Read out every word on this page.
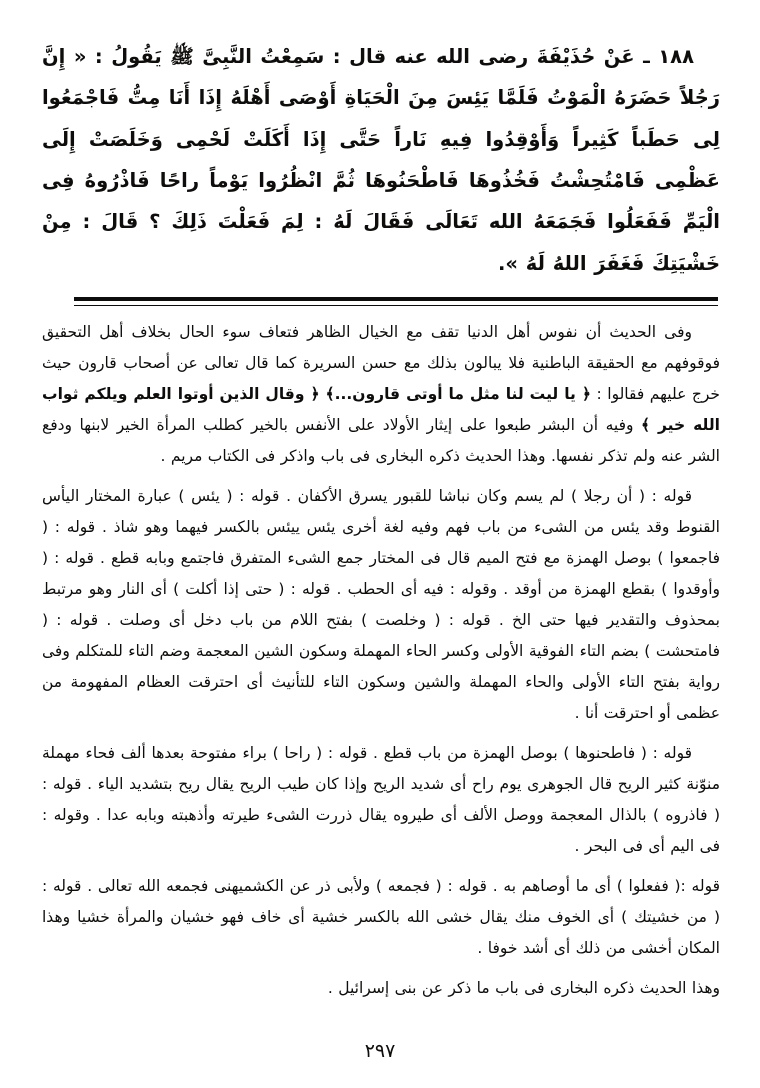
١٨٨ ـ عَنْ حُذَيْفَةَ رضى الله عنه قال : سَمِعْتُ النَّبِىَّ ﷺ يَقُولُ : « إِنَّ رَجُلاً حَضَرَهُ الْمَوْتُ فَلَمَّا يَئِسَ مِنَ الْحَيَاةِ أَوْصَى أَهْلَهُ إِذَا أَنَا مِتُّ فَاجْمَعُوا لِى حَطَباً كَثِيراً وَأَوْقِدُوا فِيهِ نَاراً حَتَّى إِذَا أَكَلَتْ لَحْمِى وَخَلَصَتْ إِلَى عَظْمِى فَامْتُحِشْتُ فَخُذُوهَا فَاطْحَنُوهَا ثُمَّ انْظُرُوا يَوْماً راحًا فَاذْرُوهُ فِى الْيَمِّ فَفَعَلُوا فَجَمَعَهُ الله تَعَالَى فَقَالَ لَهُ : لِمَ فَعَلْتَ ذَلِكَ ؟ قَالَ : مِنْ خَشْيَتِكَ فَغَفَرَ اللهُ لَهُ ».

وفى الحديث أن نفوس أهل الدنيا تقف مع الخيال الظاهر فتعاف سوء الحال بخلاف أهل التحقيق فوقوفهم مع الحقيقة الباطنية فلا يبالون بذلك مع حسن السريرة كما قال تعالى عن أصحاب قارون حيث خرج عليهم فقالوا : ﴿ يا ليت لنا مثل ما أوتى قارون...﴾ ﴿ وقال الذين أوتوا العلم ويلكم ثواب الله خير ﴾ وفيه أن البشر طبعوا على إيثار الأولاد على الأنفس بالخير كطلب المرأة الخير لابنها ودفع الشر عنه ولم تذكر نفسها. وهذا الحديث ذكره البخارى فى باب واذكر فى الكتاب مريم .

قوله : ( أن رجلا ) لم يسم وكان نباشا للقبور يسرق الأكفان . قوله : ( يئس ) عبارة المختار اليأس القنوط وقد يئس من الشىء من باب فهم وفيه لغة أخرى يئس ييئس بالكسر فيهما وهو شاذ . قوله : ( فاجمعوا ) بوصل الهمزة مع فتح الميم قال فى المختار جمع الشىء المتفرق فاجتمع وبابه قطع . قوله : ( وأوقدوا ) بقطع الهمزة من أوقد . وقوله : فيه أى الحطب . قوله : ( حتى إذا أكلت ) أى النار وهو مرتبط بمحذوف والتقدير فيها حتى الخ . قوله : ( وخلصت ) بفتح اللام من باب دخل أى وصلت . قوله : ( فامتحشت ) بضم التاء الفوقية الأولى وكسر الحاء المهملة وسكون الشين المعجمة وضم التاء للمتكلم وفى رواية بفتح التاء الأولى والحاء المهملة والشين وسكون التاء للتأنيث أى احترقت العظام المفهومة من عظمى أو احترقت أنا .

قوله : ( فاطحنوها ) بوصل الهمزة من باب قطع . قوله : ( راحا ) براء مفتوحة بعدها ألف فحاء مهملة منوّنة كثير الريح قال الجوهرى يوم راح أى شديد الريح وإذا كان طيب الريح يقال ريح بتشديد الياء . قوله : ( فاذروه ) بالذال المعجمة ووصل الألف أى طيروه يقال ذررت الشىء طيرته وأذهبته وبابه عدا . وقوله : فى اليم أى فى البحر .

قوله :( ففعلوا ) أى ما أوصاهم به . قوله : ( فجمعه ) ولأبى ذر عن الكشميهنى فجمعه الله تعالى . قوله : ( من خشيتك ) أى الخوف منك يقال خشى الله بالكسر خشية أى خاف فهو خشيان والمرأة خشيا وهذا المكان أخشى من ذلك أى أشد خوفا .

وهذا الحديث ذكره البخارى فى باب ما ذكر عن بنى إسرائيل .

٢٩٧
